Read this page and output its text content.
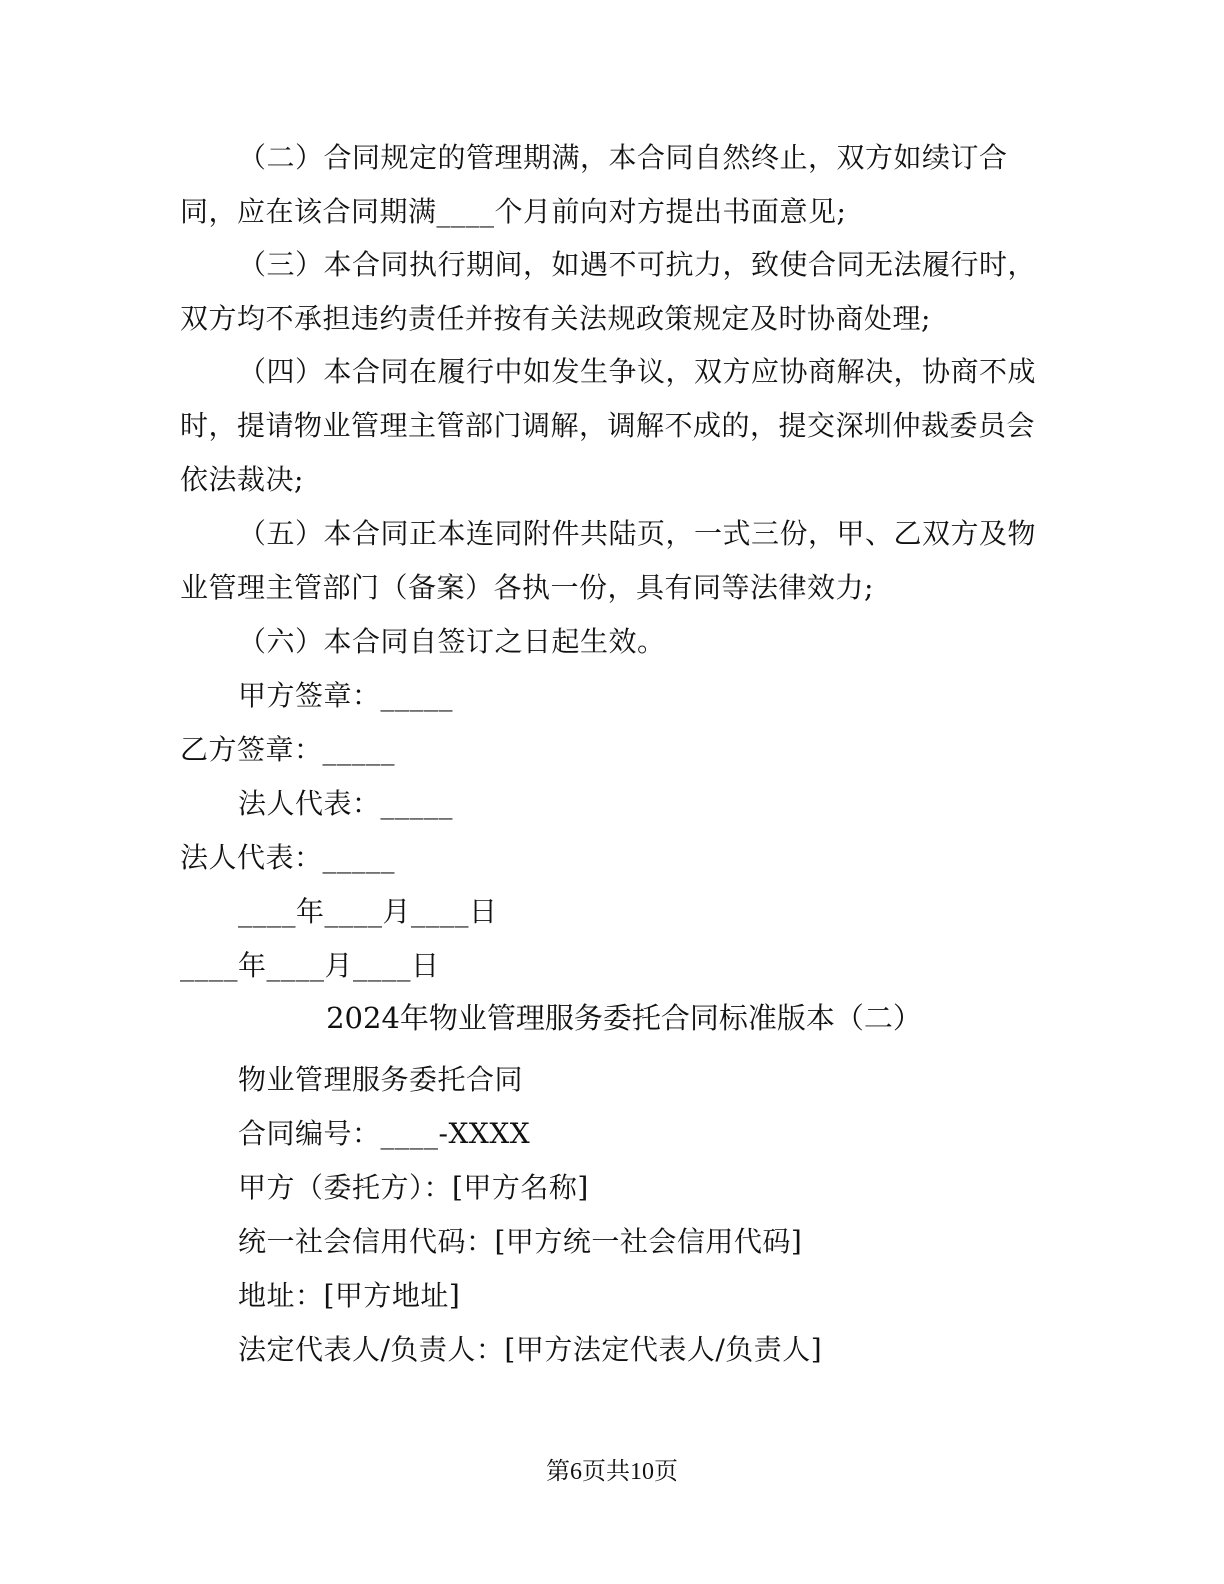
（二）合同规定的管理期满，本合同自然终止，双方如续订合
同，应在该合同期满____个月前向对方提出书面意见;
（三）本合同执行期间，如遇不可抗力，致使合同无法履行时，
双方均不承担违约责任并按有关法规政策规定及时协商处理;
（四）本合同在履行中如发生争议，双方应协商解决，协商不成
时，提请物业管理主管部门调解，调解不成的，提交深圳仲裁委员会
依法裁决;
（五）本合同正本连同附件共陆页，一式三份，甲、乙双方及物
业管理主管部门（备案）各执一份，具有同等法律效力;
（六）本合同自签订之日起生效。
甲方签章：_____
乙方签章：_____
法人代表：_____
法人代表：_____
____年____月____日
____年____月____日
2024年物业管理服务委托合同标准版本（二）
物业管理服务委托合同
合同编号：____-XXXX
甲方（委托方）：[甲方名称]
统一社会信用代码：[甲方统一社会信用代码]
地址：[甲方地址]
法定代表人/负责人：[甲方法定代表人/负责人]
第6页共10页
